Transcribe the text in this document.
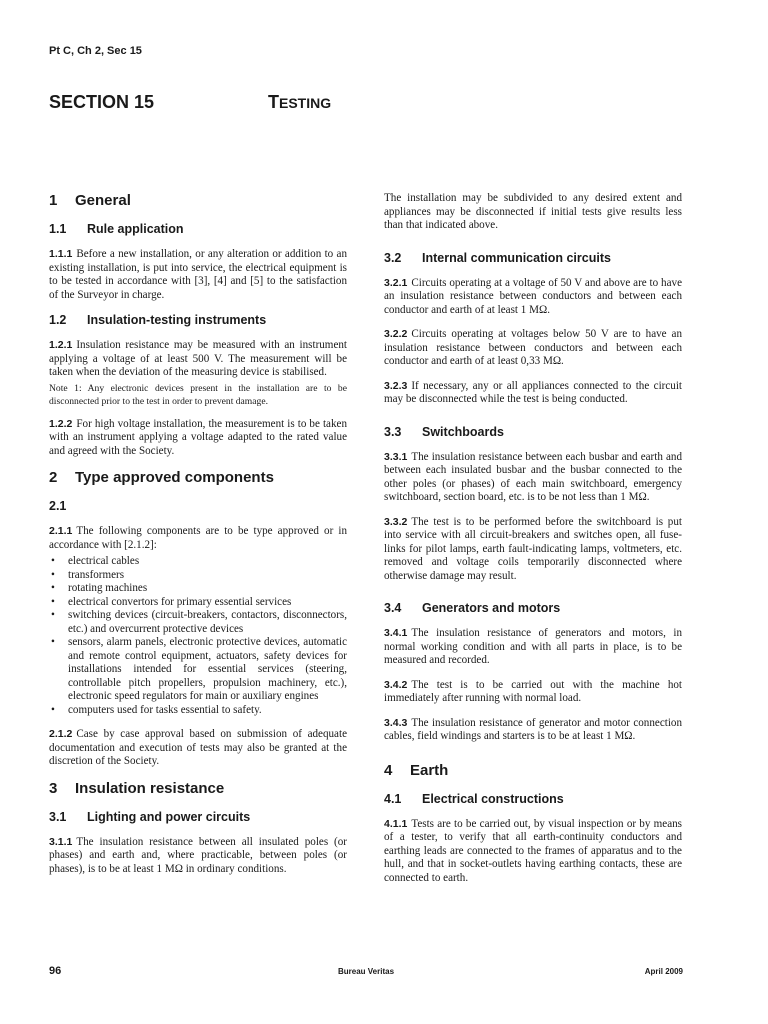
Pt C, Ch 2, Sec 15
SECTION 15	TESTING
1 General
1.1 Rule application

1.1.1 Before a new installation, or any alteration or addition to an existing installation, is put into service, the electrical equipment is to be tested in accordance with [3], [4] and [5] to the satisfaction of the Surveyor in charge.

1.2 Insulation-testing instruments

1.2.1 Insulation resistance may be measured with an instrument applying a voltage of at least 500 V. The measurement will be taken when the deviation of the measuring device is stabilised.

Note 1: Any electronic devices present in the installation are to be disconnected prior to the test in order to prevent damage.

1.2.2 For high voltage installation, the measurement is to be taken with an instrument applying a voltage adapted to the rated value and agreed with the Society.

2 Type approved components
2.1

2.1.1 The following components are to be type approved or in accordance with [2.1.2]:

• electrical cables
• transformers
• rotating machines
• electrical convertors for primary essential services
• switching devices (circuit-breakers, contactors, disconnectors, etc.) and overcurrent protective devices
• sensors, alarm panels, electronic protective devices, automatic and remote control equipment, actuators, safety devices for installations intended for essential services (steering, controllable pitch propellers, propulsion machinery, etc.), electronic speed regulators for main or auxiliary engines
• computers used for tasks essential to safety.

2.1.2 Case by case approval based on submission of adequate documentation and execution of tests may also be granted at the discretion of the Society.

3 Insulation resistance
3.1 Lighting and power circuits

3.1.1 The insulation resistance between all insulated poles (or phases) and earth and, where practicable, between poles (or phases), is to be at least 1 MΩ in ordinary conditions.

The installation may be subdivided to any desired extent and appliances may be disconnected if initial tests give results less than that indicated above.

3.2 Internal communication circuits

3.2.1 Circuits operating at a voltage of 50 V and above are to have an insulation resistance between conductors and between each conductor and earth of at least 1 MΩ.

3.2.2 Circuits operating at voltages below 50 V are to have an insulation resistance between conductors and between each conductor and earth of at least 0,33 MΩ.

3.2.3 If necessary, any or all appliances connected to the circuit may be disconnected while the test is being conducted.

3.3 Switchboards

3.3.1 The insulation resistance between each busbar and earth and between each insulated busbar and the busbar connected to the other poles (or phases) of each main switchboard, emergency switchboard, section board, etc. is to be not less than 1 MΩ.

3.3.2 The test is to be performed before the switchboard is put into service with all circuit-breakers and switches open, all fuse-links for pilot lamps, earth fault-indicating lamps, voltmeters, etc. removed and voltage coils temporarily disconnected where otherwise damage may result.

3.4 Generators and motors

3.4.1 The insulation resistance of generators and motors, in normal working condition and with all parts in place, is to be measured and recorded.

3.4.2 The test is to be carried out with the machine hot immediately after running with normal load.

3.4.3 The insulation resistance of generator and motor connection cables, field windings and starters is to be at least 1 MΩ.

4 Earth
4.1 Electrical constructions

4.1.1 Tests are to be carried out, by visual inspection or by means of a tester, to verify that all earth-continuity conductors and earthing leads are connected to the frames of apparatus and to the hull, and that in socket-outlets having earthing contacts, these are connected to earth.

96	Bureau Veritas	April 2009
